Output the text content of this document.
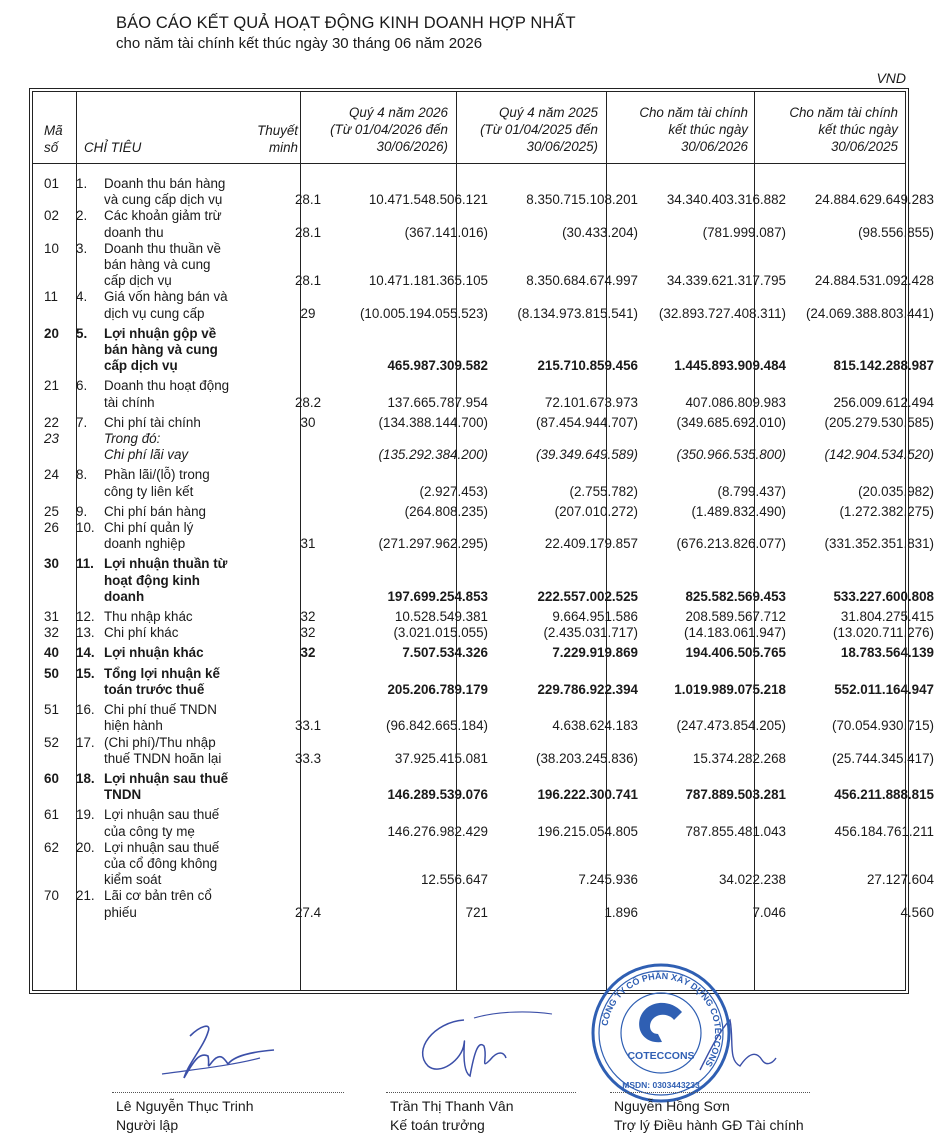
BÁO CÁO KẾT QUẢ HOẠT ĐỘNG KINH DOANH HỢP NHẤT
cho năm tài chính kết thúc ngày 30 tháng 06 năm 2026
VND
Mã
số	CHỈ TIÊU
Thuyết
minh
Quý 4 năm 2026
(Từ 01/04/2026 đến
30/06/2026)
Quý 4 năm 2025
(Từ 01/04/2025 đến
30/06/2025)
Cho năm tài chính
kết thúc ngày
30/06/2026
Cho năm tài chính
kết thúc ngày
30/06/2025
01	1.	Doanh thu bán hàng
và cung cấp dịch vụ	28.1	10.471.548.506.121	8.350.715.108.201	34.340.403.316.882	24.884.629.649.283
02	2.	Các khoản giảm trừ
doanh thu	28.1	(367.141.016)	(30.433.204)	(781.999.087)	(98.556.855)
10	3.	Doanh thu thuần về
bán hàng và cung
cấp dịch vụ	28.1	10.471.181.365.105	8.350.684.674.997	34.339.621.317.795	24.884.531.092.428
11	4.	Giá vốn hàng bán và
dịch vụ cung cấp	29	(10.005.194.055.523)	(8.134.973.815.541)	(32.893.727.408.311)	(24.069.388.803.441)
20	5.	Lợi nhuận gộp về
bán hàng và cung
cấp dịch vụ		465.987.309.582	215.710.859.456	1.445.893.909.484	815.142.288.987
21	6.	Doanh thu hoạt động
tài chính	28.2	137.665.787.954	72.101.673.973	407.086.809.983	256.009.612.494
22	7.	Chi phí tài chính	30	(134.388.144.700)	(87.454.944.707)	(349.685.692.010)	(205.279.530.585)
23		Trong đó:
Chi phí lãi vay		(135.292.384.200)	(39.349.649.589)	(350.966.535.800)	(142.904.534.520)
24	8.	Phần lãi/(lỗ) trong
công ty liên kết		(2.927.453)	(2.755.782)	(8.799.437)	(20.035.982)
25	9.	Chi phí bán hàng		(264.808.235)	(207.010.272)	(1.489.832.490)	(1.272.382.275)
26	10.	Chi phí quản lý
doanh nghiệp	31	(271.297.962.295)	22.409.179.857	(676.213.826.077)	(331.352.351.831)
30	11.	Lợi nhuận thuần từ
hoạt động kinh
doanh		197.699.254.853	222.557.002.525	825.582.569.453	533.227.600.808
31	12.	Thu nhập khác	32	10.528.549.381	9.664.951.586	208.589.567.712	31.804.275.415
32	13.	Chi phí khác	32	(3.021.015.055)	(2.435.031.717)	(14.183.061.947)	(13.020.711.276)
40	14.	Lợi nhuận khác	32	7.507.534.326	7.229.919.869	194.406.505.765	18.783.564.139
50	15.	Tổng lợi nhuận kế
toán trước thuế		205.206.789.179	229.786.922.394	1.019.989.075.218	552.011.164.947
51	16.	Chi phí thuế TNDN
hiện hành	33.1	(96.842.665.184)	4.638.624.183	(247.473.854.205)	(70.054.930.715)
52	17.	(Chi phí)/Thu nhập
thuế TNDN hoãn lại	33.3	37.925.415.081	(38.203.245.836)	15.374.282.268	(25.744.345.417)
60	18.	Lợi nhuận sau thuế
TNDN		146.289.539.076	196.222.300.741	787.889.503.281	456.211.888.815
61	19.	Lợi nhuận sau thuế
của công ty mẹ		146.276.982.429	196.215.054.805	787.855.481.043	456.184.761.211
62	20.	Lợi nhuận sau thuế
của cổ đông không
kiểm soát		12.556.647	7.245.936	34.022.238	27.127.604
70	21.	Lãi cơ bản trên cổ
phiếu	27.4	721	1.896	7.046	4.560
CÔNG TY CỔ PHẦN XÂY DỰNG COTECCONS
COTECCONS
MSDN: 0303443233
Lê Nguyễn Thục Trinh
Người lập
Trần Thị Thanh Vân
Kế toán trưởng
Nguyễn Hồng Sơn
Trợ lý Điều hành GĐ Tài chính
